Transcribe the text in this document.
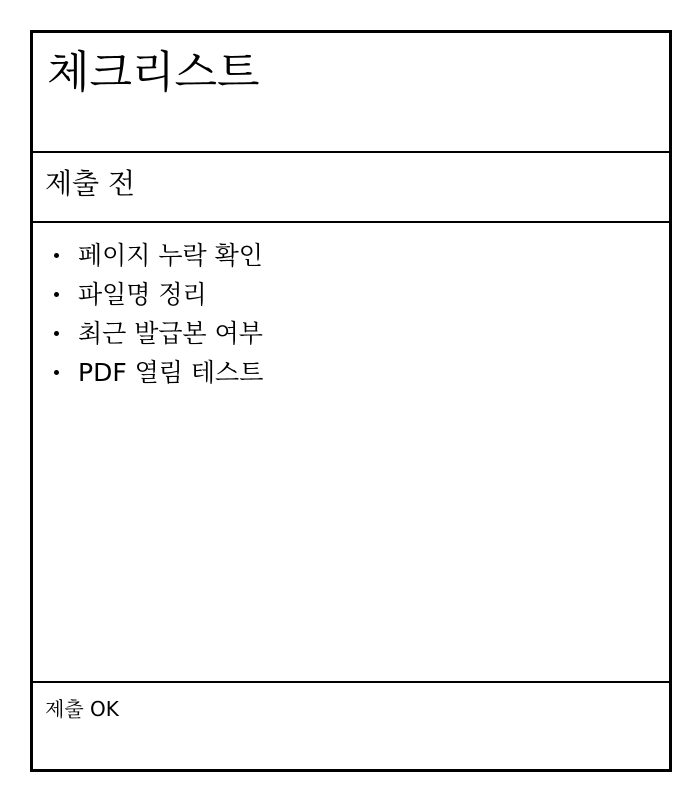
체크리스트
제출 전
페이지 누락 확인
파일명 정리
최근 발급본 여부
PDF 열림 테스트
제출 OK
